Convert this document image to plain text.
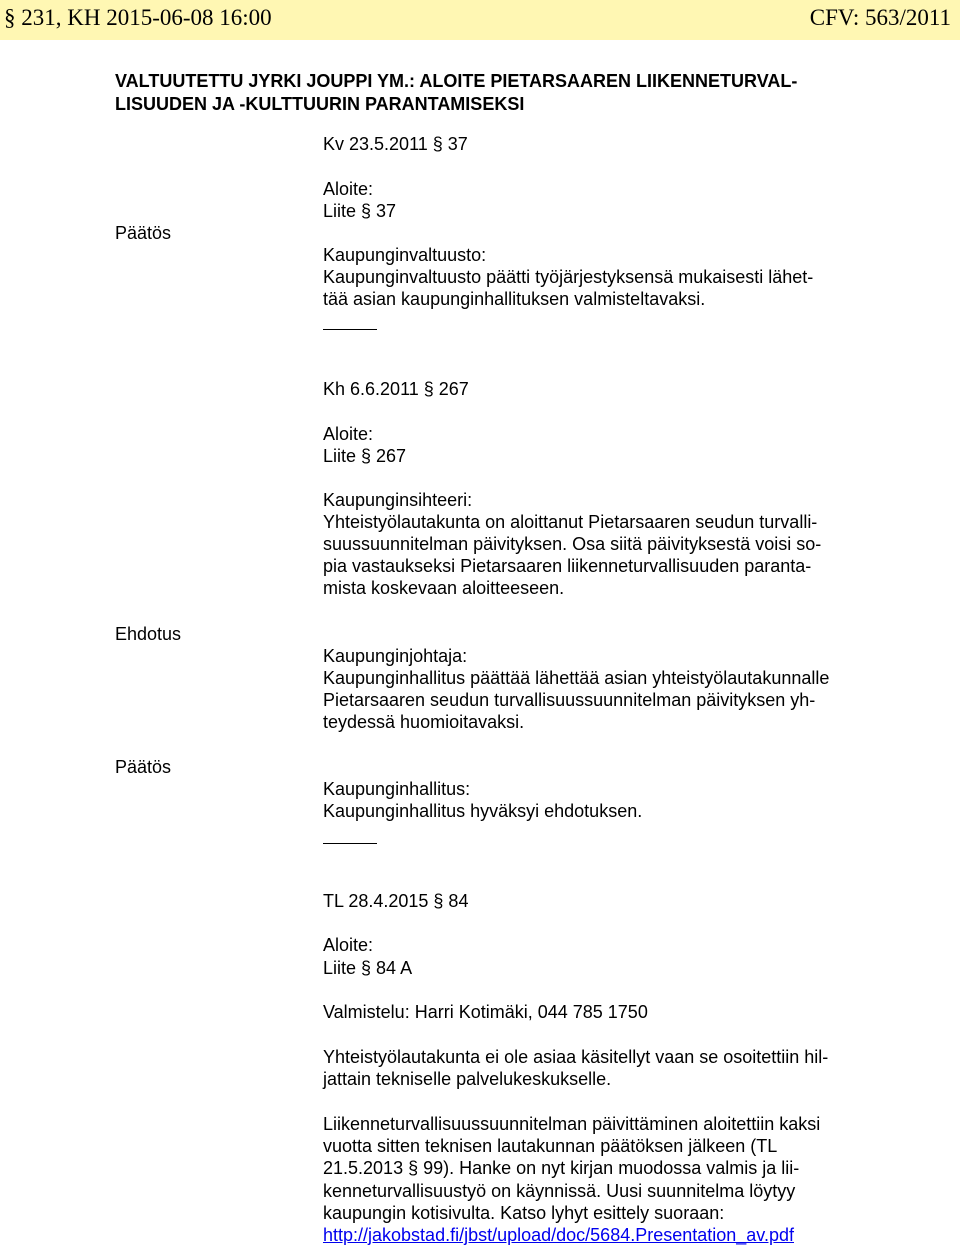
§ 231, KH 2015-06-08 16:00	CFV: 563/2011
VALTUUTETTU JYRKI JOUPPI YM.: ALOITE PIETARSAAREN LIIKENNETURVAL-
LISUUDEN JA -KULTTUURIN PARANTAMISEKSI
Päätös
Ehdotus
Päätös
Kv 23.5.2011 § 37
Aloite:
Liite § 37
Kaupunginvaltuusto:
Kaupunginvaltuusto päätti työjärjestyksensä mukaisesti lähet-
tää asian kaupunginhallituksen valmisteltavaksi.
Kh 6.6.2011 § 267
Aloite:
Liite § 267
Kaupunginsihteeri:
Yhteistyölautakunta on aloittanut Pietarsaaren seudun turvalli-
suussuunnitelman päivityksen. Osa siitä päivityksestä voisi so-
pia vastaukseksi Pietarsaaren liikenneturvallisuuden paranta-
mista koskevaan aloitteeseen.
Kaupunginjohtaja:
Kaupunginhallitus päättää lähettää asian yhteistyölautakunnalle
Pietarsaaren seudun turvallisuussuunnitelman päivityksen yh-
teydessä huomioitavaksi.
Kaupunginhallitus:
Kaupunginhallitus hyväksyi ehdotuksen.
TL 28.4.2015 § 84
Aloite:
Liite § 84 A
Valmistelu: Harri Kotimäki, 044 785 1750
Yhteistyölautakunta ei ole asiaa käsitellyt vaan se osoitettiin hil-
jattain tekniselle palvelukeskukselle.
Liikenneturvallisuussuunnitelman päivittäminen aloitettiin kaksi
vuotta sitten teknisen lautakunnan päätöksen jälkeen (TL
21.5.2013 § 99). Hanke on nyt kirjan muodossa valmis ja lii-
kenneturvallisuustyö on käynnissä. Uusi suunnitelma löytyy
kaupungin kotisivulta. Katso lyhyt esittely suoraan:
http://jakobstad.fi/jbst/upload/doc/5684.Presentation_av.pdf
